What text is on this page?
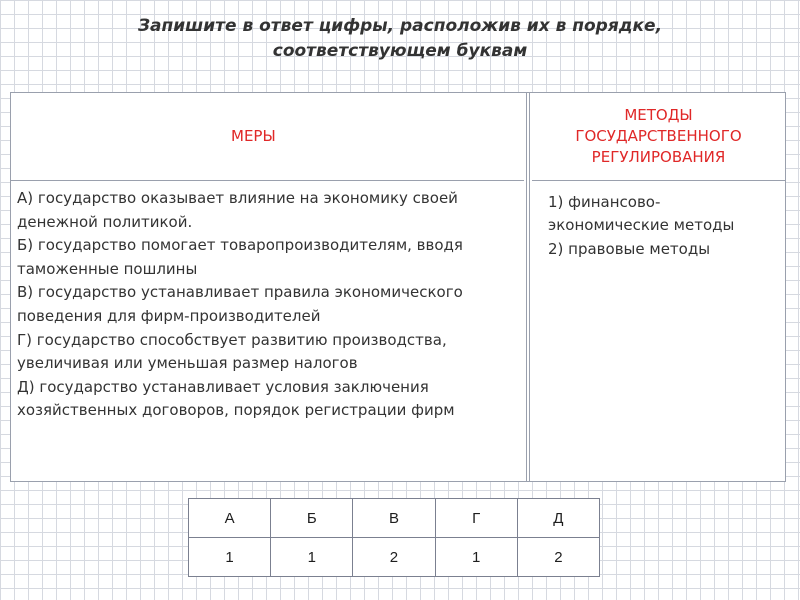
Запишите в ответ цифры, расположив их в порядке,
соответствующем буквам
МЕРЫ

А) государство оказывает влияние на экономику своей денежной политикой.

Б) государство помогает товаропроизводителям, вводя таможенные пошлины

В) государство устанавливает правила экономического поведения для фирм-производителей

Г) государство способствует развитию производства, увеличивая или уменьшая размер налогов

Д) государство устанавливает условия заключения хозяйственных договоров, порядок регистрации фирм

МЕТОДЫ
ГОСУДАРСТВЕННОГО
РЕГУЛИРОВАНИЯ

1) финансово-экономические методы

2) правовые методы

А	Б	В	Г	Д
1	1	2	1	2
